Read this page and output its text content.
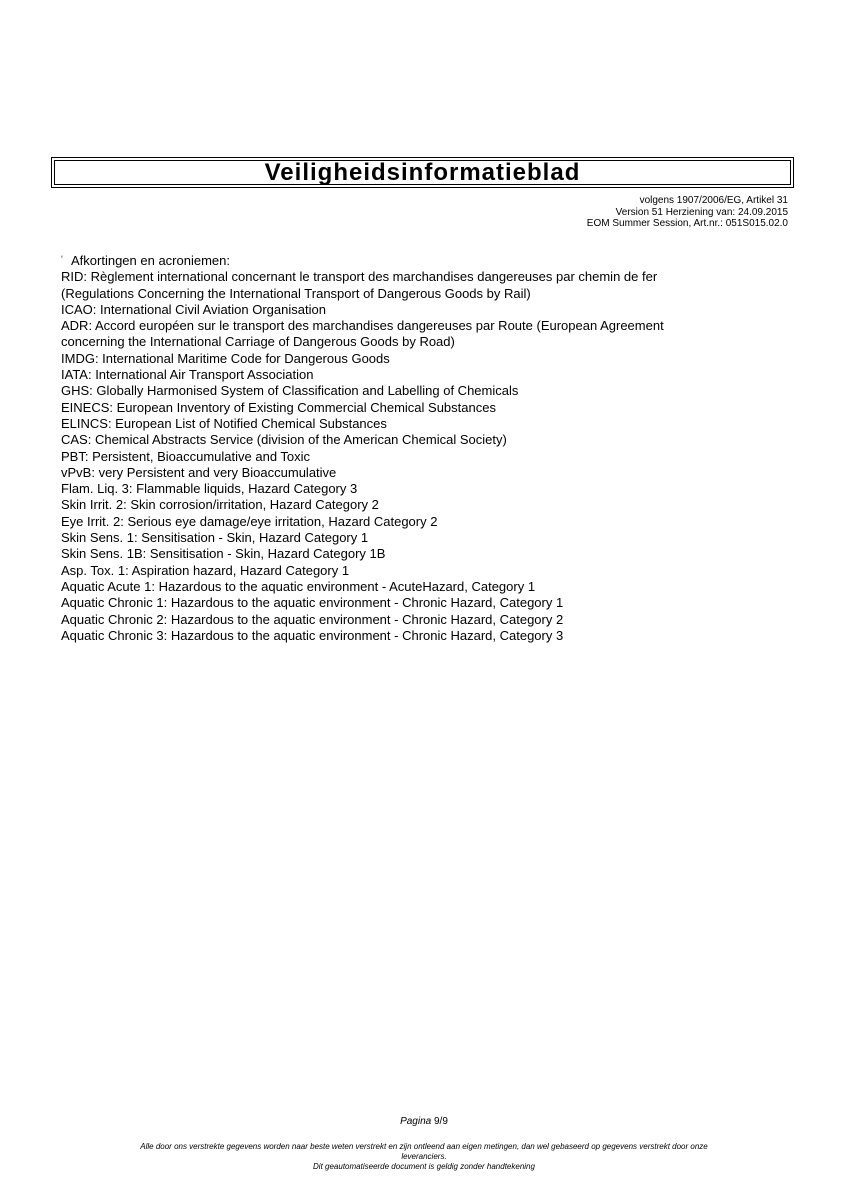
Veiligheidsinformatieblad
volgens 1907/2006/EG, Artikel 31
Version 51 Herziening van: 24.09.2015
EOM Summer Session, Art.nr.: 051S015.02.0
‘ Afkortingen en acroniemen:
RID: Règlement international concernant le transport des marchandises dangereuses par chemin de fer
(Regulations Concerning the International Transport of Dangerous Goods by Rail)
ICAO: International Civil Aviation Organisation
ADR: Accord européen sur le transport des marchandises dangereuses par Route (European Agreement
concerning the International Carriage of Dangerous Goods by Road)
IMDG: International Maritime Code for Dangerous Goods
IATA: International Air Transport Association
GHS: Globally Harmonised System of Classification and Labelling of Chemicals
EINECS: European Inventory of Existing Commercial Chemical Substances
ELINCS: European List of Notified Chemical Substances
CAS: Chemical Abstracts Service (division of the American Chemical Society)
PBT: Persistent, Bioaccumulative and Toxic
vPvB: very Persistent and very Bioaccumulative
Flam. Liq. 3: Flammable liquids, Hazard Category 3
Skin Irrit. 2: Skin corrosion/irritation, Hazard Category 2
Eye Irrit. 2: Serious eye damage/eye irritation, Hazard Category 2
Skin Sens. 1: Sensitisation - Skin, Hazard Category 1
Skin Sens. 1B: Sensitisation - Skin, Hazard Category 1B
Asp. Tox. 1: Aspiration hazard, Hazard Category 1
Aquatic Acute 1: Hazardous to the aquatic environment - AcuteHazard, Category 1
Aquatic Chronic 1: Hazardous to the aquatic environment - Chronic Hazard, Category 1
Aquatic Chronic 2: Hazardous to the aquatic environment - Chronic Hazard, Category 2
Aquatic Chronic 3: Hazardous to the aquatic environment - Chronic Hazard, Category 3
Pagina 9/9
Alle door ons verstrekte gegevens worden naar beste weten verstrekt en zijn ontleend aan eigen metingen, dan wel gebaseerd op gegevens verstrekt door onze
leveranciers.
Dit geautomatiseerde document is geldig zonder handtekening
